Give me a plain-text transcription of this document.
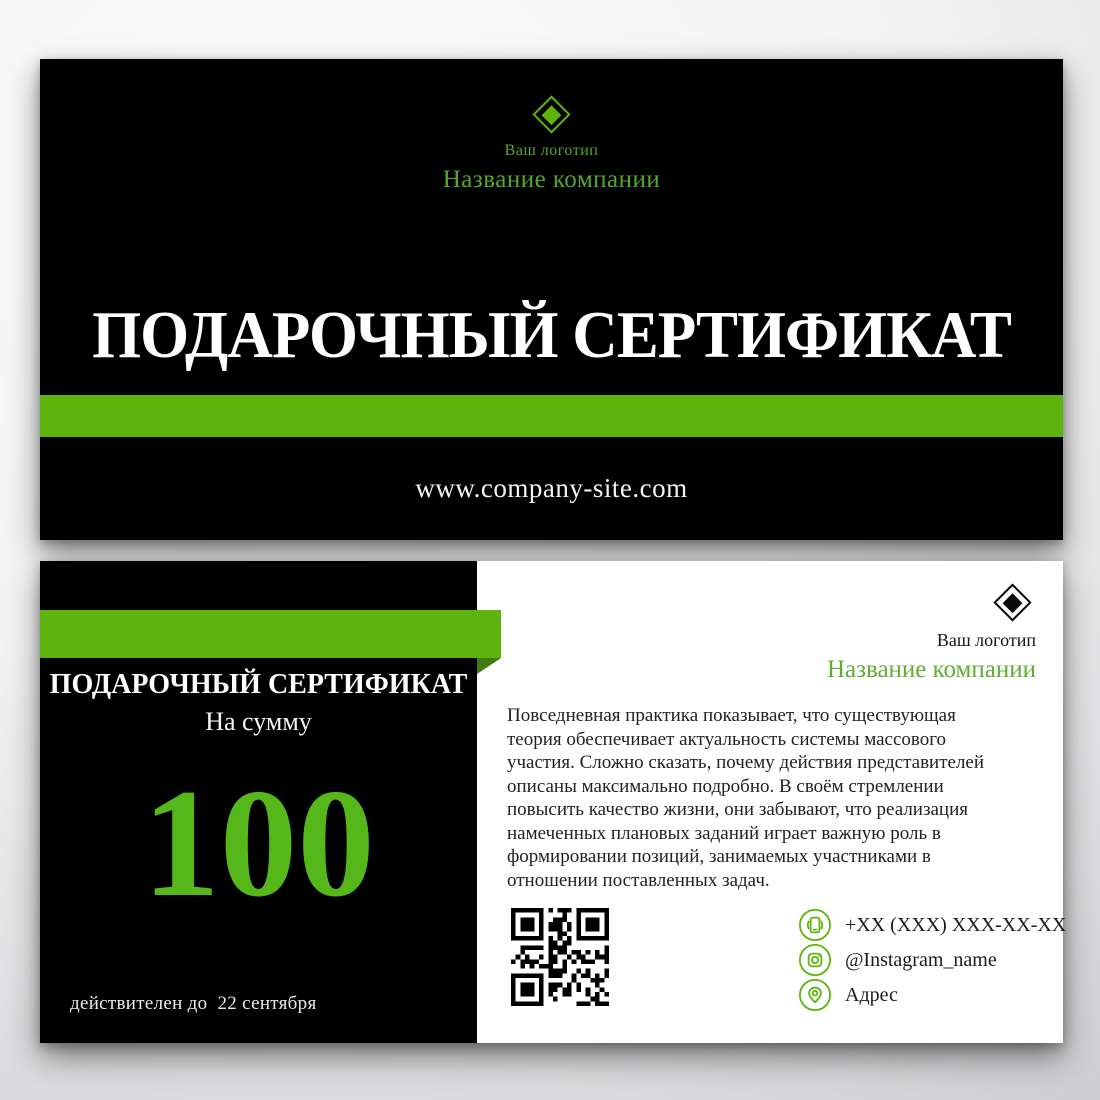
Ваш логотип
Название компании
ПОДАРОЧНЫЙ СЕРТИФИКАТ
www.company-site.com
ПОДАРОЧНЫЙ СЕРТИФИКАТ
На сумму
100
действителен до  22 сентября
Ваш логотип
Название компании

Повседневная практика показывает, что существующая теория обеспечивает актуальность системы массового участия. Сложно сказать, почему действия представителей описаны максимально подробно. В своём стремлении повысить качество жизни, они забывают, что реализация намеченных плановых заданий играет важную роль в формировании позиций, занимаемых участниками в отношении поставленных задач.

+XX (XXX) XXX-XX-XX
@Instagram_name
Адрес
